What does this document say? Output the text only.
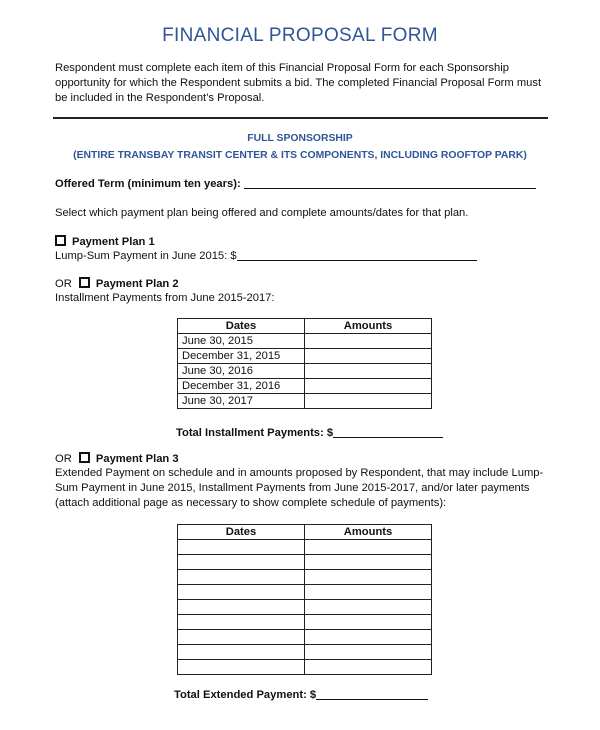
FINANCIAL PROPOSAL FORM
Respondent must complete each item of this Financial Proposal Form for each Sponsorship opportunity for which the Respondent submits a bid. The completed Financial Proposal Form must be included in the Respondent’s Proposal.
FULL SPONSORSHIP
(ENTIRE TRANSBAY TRANSIT CENTER & ITS COMPONENTS, INCLUDING ROOFTOP PARK)
Offered Term (minimum ten years):
Select which payment plan being offered and complete amounts/dates for that plan.
Payment Plan 1
Lump-Sum Payment in June 2015: $
OR Payment Plan 2
Installment Payments from June 2015-2017:
Dates	Amounts
June 30, 2015	
December 31, 2015	
June 30, 2016	
December 31, 2016	
June 30, 2017	
Total Installment Payments: $
OR Payment Plan 3
Extended Payment on schedule and in amounts proposed by Respondent, that may include Lump-Sum Payment in June 2015, Installment Payments from June 2015-2017, and/or later payments (attach additional page as necessary to show complete schedule of payments):
Dates	Amounts

Total Extended Payment: $
